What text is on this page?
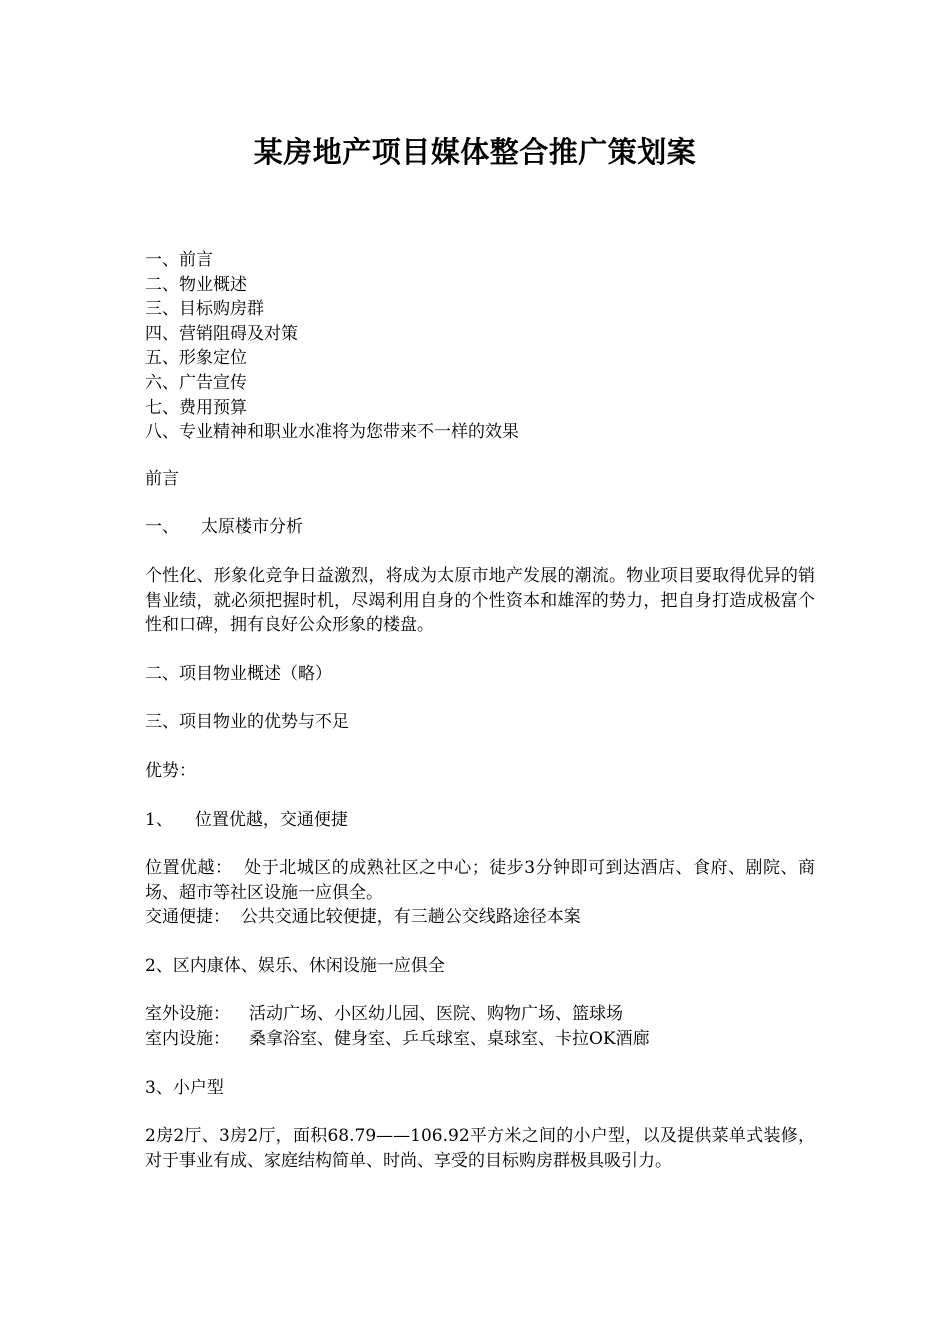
某房地产项目媒体整合推广策划案
一、前言
二、物业概述
三、目标购房群
四、营销阻碍及对策
五、形象定位
六、广告宣传
七、费用预算
八、专业精神和职业水准将为您带来不一样的效果
前言
一、 太原楼市分析
个性化、形象化竞争日益激烈，将成为太原市地产发展的潮流。物业项目要取得优异的销售业绩，就必须把握时机，尽竭利用自身的个性资本和雄浑的势力，把自身打造成极富个性和口碑，拥有良好公众形象的楼盘。
二、项目物业概述（略）
三、项目物业的优势与不足
优势：
1、 位置优越，交通便捷
位置优越： 处于北城区的成熟社区之中心；徒步3分钟即可到达酒店、食府、剧院、商场、超市等社区设施一应俱全。
交通便捷： 公共交通比较便捷，有三趟公交线路途径本案
2、区内康体、娱乐、休闲设施一应俱全
室外设施： 活动广场、小区幼儿园、医院、购物广场、篮球场
室内设施： 桑拿浴室、健身室、乒乓球室、桌球室、卡拉OK酒廊
3、小户型
2房2厅、3房2厅，面积68.79——106.92平方米之间的小户型，以及提供菜单式装修，对于事业有成、家庭结构简单、时尚、享受的目标购房群极具吸引力。
